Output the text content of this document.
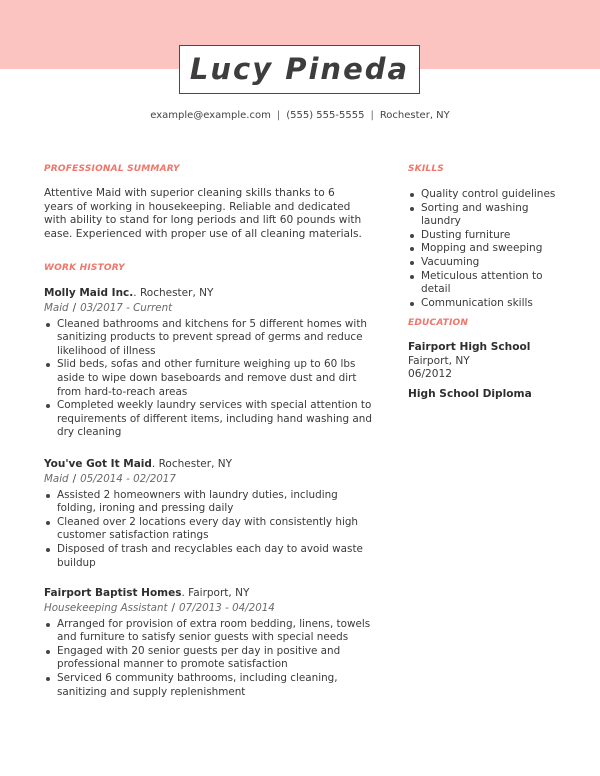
Lucy Pineda
example@example.com | (555) 555-5555 | Rochester, NY
PROFESSIONAL SUMMARY
Attentive Maid with superior cleaning skills thanks to 6 years of working in housekeeping. Reliable and dedicated with ability to stand for long periods and lift 60 pounds with ease. Experienced with proper use of all cleaning materials.
WORK HISTORY
Molly Maid Inc.. Rochester, NY
Maid / 03/2017 - Current
Cleaned bathrooms and kitchens for 5 different homes with sanitizing products to prevent spread of germs and reduce likelihood of illness
Slid beds, sofas and other furniture weighing up to 60 lbs aside to wipe down baseboards and remove dust and dirt from hard-to-reach areas
Completed weekly laundry services with special attention to requirements of different items, including hand washing and dry cleaning
You've Got It Maid. Rochester, NY
Maid / 05/2014 - 02/2017
Assisted 2 homeowners with laundry duties, including folding, ironing and pressing daily
Cleaned over 2 locations every day with consistently high customer satisfaction ratings
Disposed of trash and recyclables each day to avoid waste buildup
Fairport Baptist Homes. Fairport, NY
Housekeeping Assistant / 07/2013 - 04/2014
Arranged for provision of extra room bedding, linens, towels and furniture to satisfy senior guests with special needs
Engaged with 20 senior guests per day in positive and professional manner to promote satisfaction
Serviced 6 community bathrooms, including cleaning, sanitizing and supply replenishment
SKILLS
Quality control guidelines
Sorting and washing laundry
Dusting furniture
Mopping and sweeping
Vacuuming
Meticulous attention to detail
Communication skills
EDUCATION
Fairport High School
Fairport, NY
06/2012
High School Diploma
